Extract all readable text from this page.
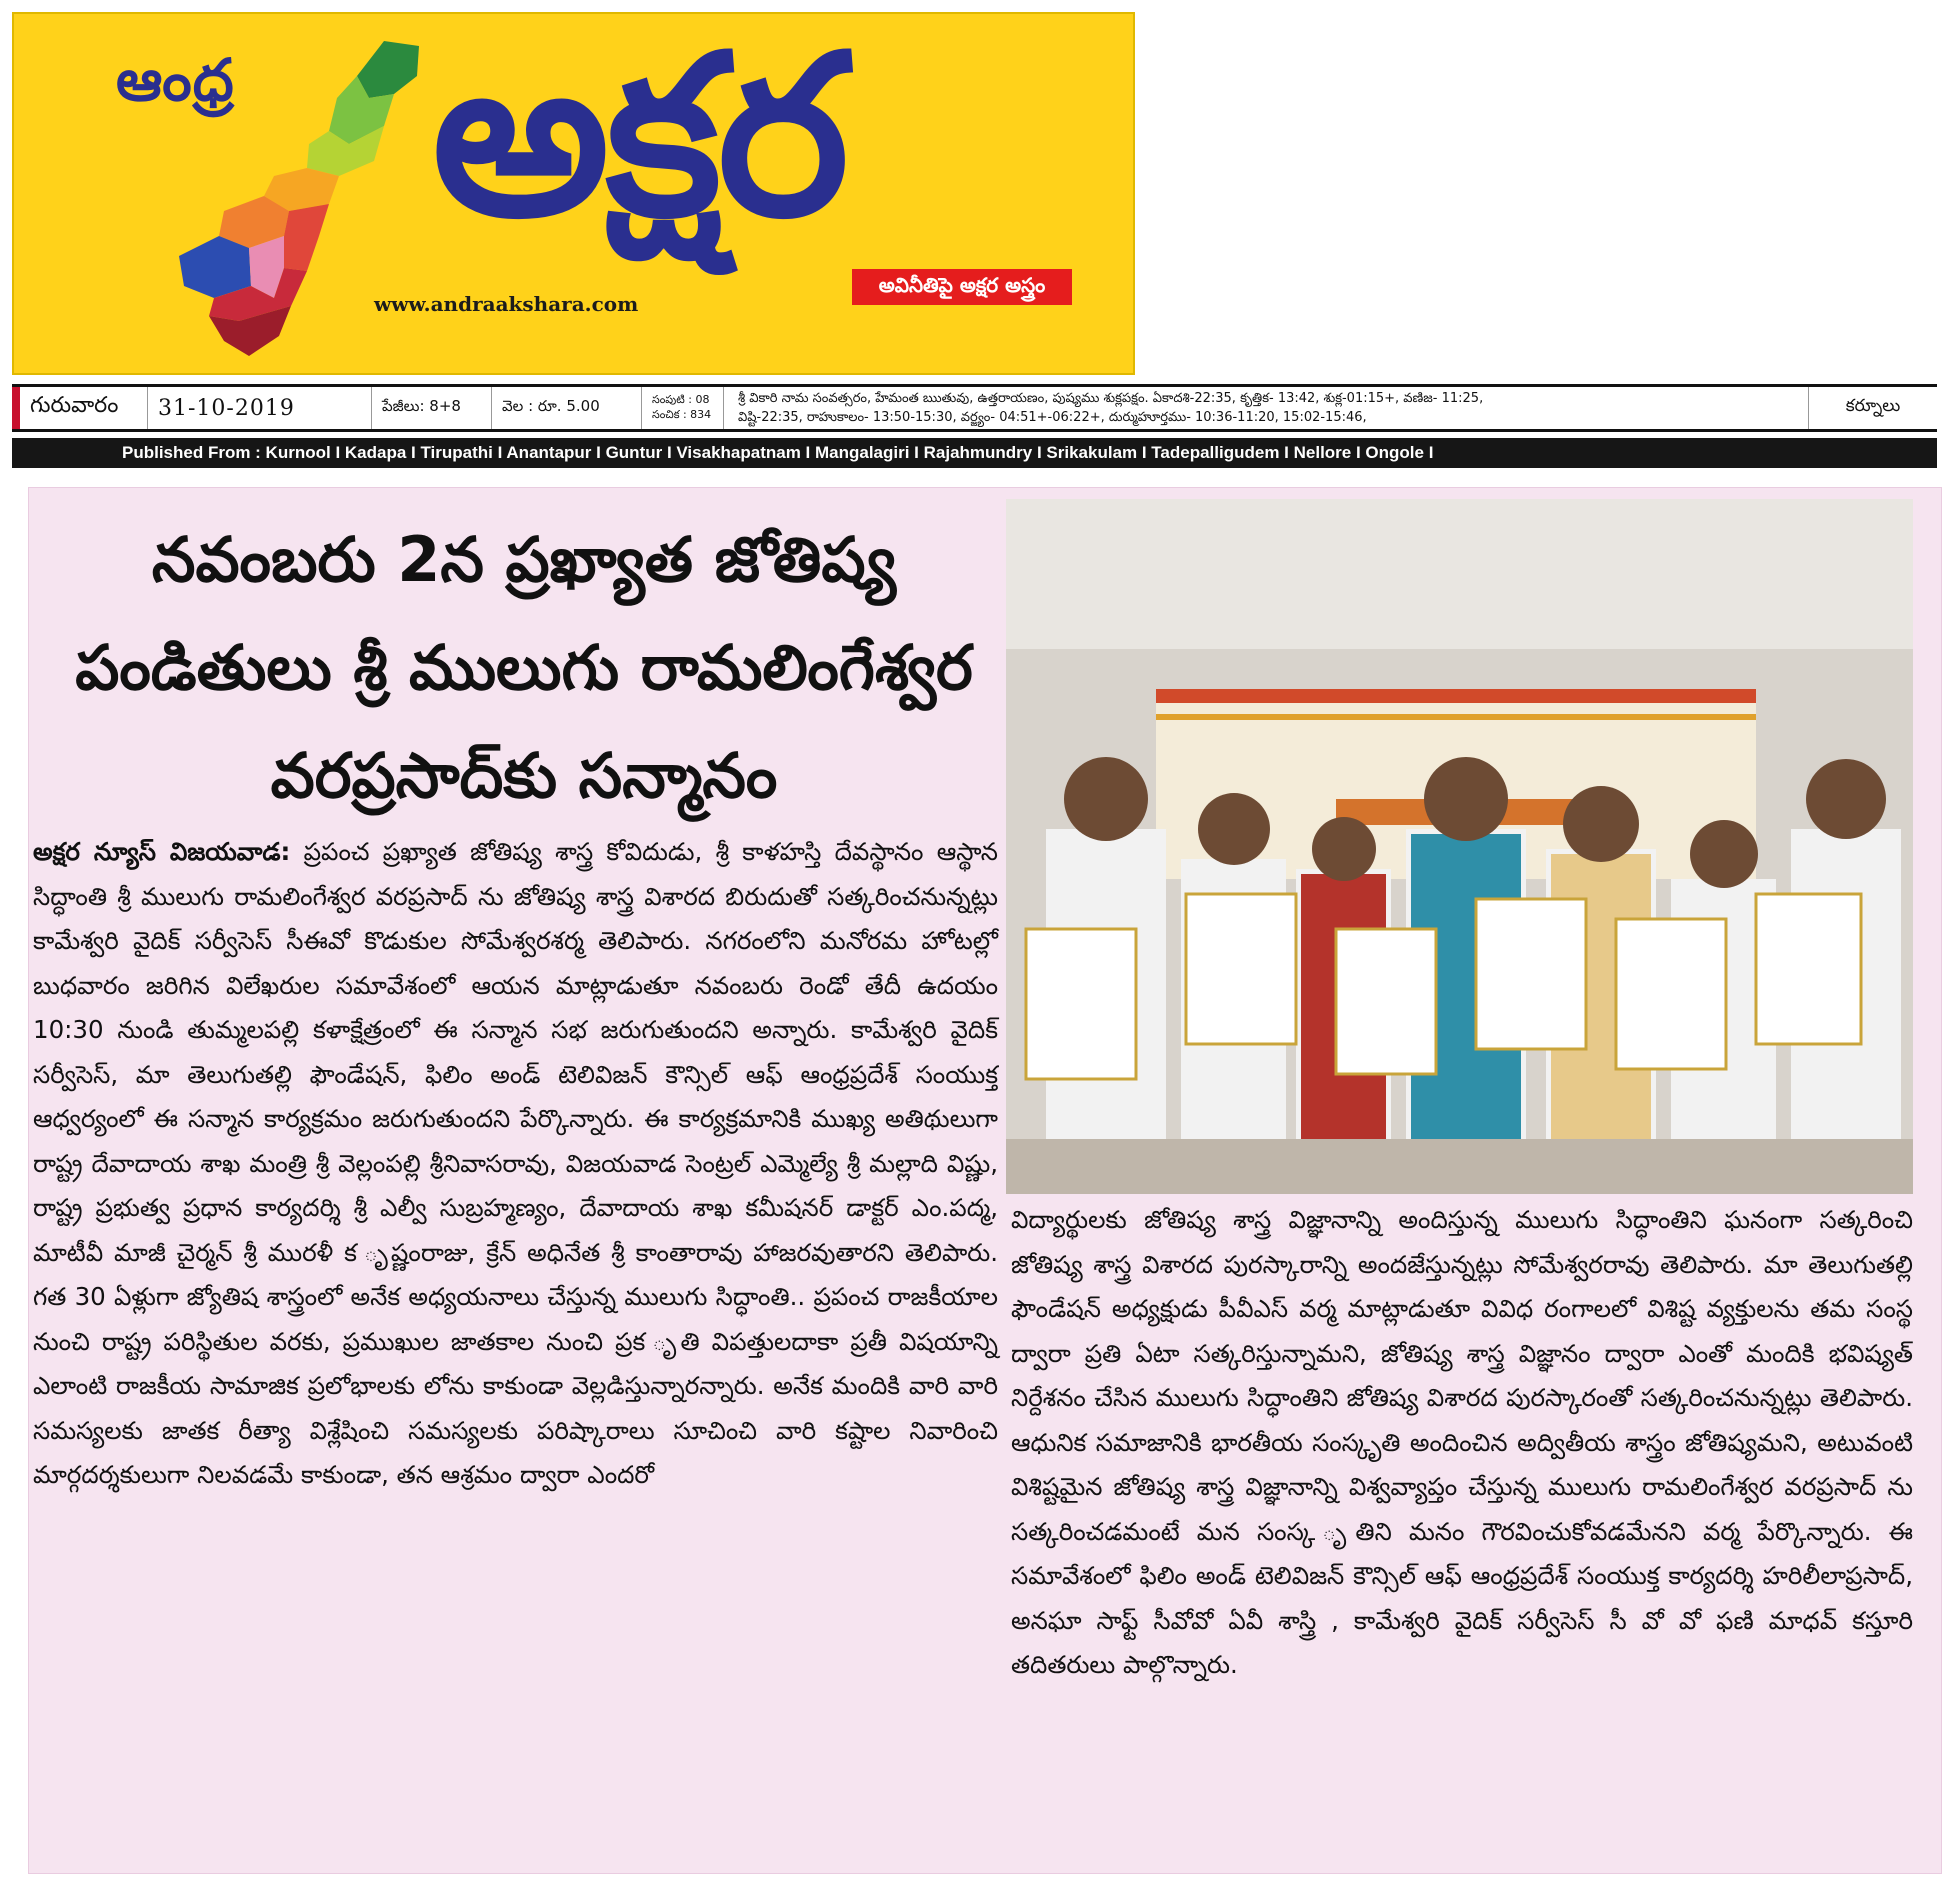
ఆంధ్ర అక్షర
అవినీతిపై అక్షర అస్త్రం
www.andraakshara.com
గురువారం	31-10-2019	పేజీలు: 8+8	వెల : రూ. 5.00	సంపుటి : 08
సంచిక : 834
శ్రీ వికారి నామ సంవత్సరం, హేమంత ఋతువు, ఉత్తరాయణం, పుష్యము శుక్లపక్షం. ఏకాదశి-22:35, కృత్తిక- 13:42, శుక్ల-01:15+, వణిజ- 11:25,
విష్టి-22:35, రాహుకాలం- 13:50-15:30, వర్జ్యం- 04:51+-06:22+, దుర్ముహూర్తము- 10:36-11:20, 15:02-15:46,
కర్నూలు
Published From : Kurnool I Kadapa I Tirupathi I Anantapur I Guntur I Visakhapatnam I Mangalagiri I Rajahmundry I Srikakulam I Tadepalligudem I Nellore I Ongole I
నవంబరు 2న ప్రఖ్యాత జోతిష్య
పండితులు శ్రీ ములుగు రామలింగేశ్వర
వరప్రసాద్‌కు సన్మానం
అక్షర న్యూస్ విజయవాడ: ప్రపంచ ప్రఖ్యాత జోతిష్య శాస్త్ర కోవిదుడు, శ్రీ కాళహస్తి దేవస్థానం ఆస్థాన సిద్ధాంతి శ్రీ ములుగు రామలింగేశ్వర వరప్రసాద్ ను జోతిష్య శాస్త్ర విశారద బిరుదుతో సత్కరించనున్నట్లు కామేశ్వరి వైదిక్ సర్వీసెస్ సీఈవో కొడుకుల సోమేశ్వరశర్మ తెలిపారు. నగరంలోని మనోరమ హోటల్లో బుధవారం జరిగిన విలేఖరుల సమావేశంలో ఆయన మాట్లాడుతూ నవంబరు రెండో తేదీ ఉదయం 10:30 నుండి తుమ్మలపల్లి కళాక్షేత్రంలో ఈ సన్మాన సభ జరుగుతుందని అన్నారు. కామేశ్వరి వైదిక్ సర్వీసెస్, మా తెలుగుతల్లి ఫౌండేషన్, ఫిలిం అండ్ టెలివిజన్ కౌన్సిల్ ఆఫ్ ఆంధ్రప్రదేశ్ సంయుక్త ఆధ్వర్యంలో ఈ సన్మాన కార్యక్రమం జరుగుతుందని పేర్కొన్నారు. ఈ కార్యక్రమానికి ముఖ్య అతిథులుగా రాష్ట్ర దేవాదాయ శాఖ మంత్రి శ్రీ వెల్లంపల్లి శ్రీనివాసరావు, విజయవాడ సెంట్రల్ ఎమ్మెల్యే శ్రీ మల్లాది విష్ణు, రాష్ట్ర ప్రభుత్వ ప్రధాన కార్యదర్శి శ్రీ ఎల్వీ సుబ్రహ్మణ్యం, దేవాదాయ శాఖ కమీషనర్ డాక్టర్ ఎం.పద్మ, మాటీవీ మాజీ చైర్మన్ శ్రీ మురళీ క ృష్ణంరాజు, క్రేన్ అధినేత శ్రీ కాంతారావు హాజరవుతారని తెలిపారు. గత 30 ఏళ్లుగా జ్యోతిష శాస్త్రంలో అనేక అధ్యయనాలు చేస్తున్న ములుగు సిద్ధాంతి.. ప్రపంచ రాజకీయాల నుంచి రాష్ట్ర పరిస్థితుల వరకు, ప్రముఖుల జాతకాల నుంచి ప్రక ృతి విపత్తులదాకా ప్రతీ విషయాన్ని ఎలాంటి రాజకీయ సామాజిక ప్రలోభాలకు లోను కాకుండా వెల్లడిస్తున్నారన్నారు. అనేక మందికి వారి వారి సమస్యలకు జాతక రీత్యా విశ్లేషించి సమస్యలకు పరిష్కారాలు సూచించి వారి కష్టాల నివారించి మార్గదర్శకులుగా నిలవడమే కాకుండా, తన ఆశ్రమం ద్వారా ఎందరో
విద్యార్థులకు జోతిష్య శాస్త్ర విజ్ఞానాన్ని అందిస్తున్న ములుగు సిద్ధాంతిని ఘనంగా సత్కరించి జోతిష్య శాస్త్ర విశారద పురస్కారాన్ని అందజేస్తున్నట్లు సోమేశ్వరరావు తెలిపారు. మా తెలుగుతల్లి ఫౌండేషన్ అధ్యక్షుడు పీవీఎస్ వర్మ మాట్లాడుతూ వివిధ రంగాలలో విశిష్ట వ్యక్తులను తమ సంస్థ ద్వారా ప్రతి ఏటా సత్కరిస్తున్నామని, జోతిష్య శాస్త్ర విజ్ఞానం ద్వారా ఎంతో మందికి భవిష్యత్ నిర్దేశనం చేసిన ములుగు సిద్ధాంతిని జోతిష్య విశారద పురస్కారంతో సత్కరించనున్నట్లు తెలిపారు. ఆధునిక సమాజానికి భారతీయ సంస్కృతి అందించిన అద్వితీయ శాస్త్రం జోతిష్యమని, అటువంటి విశిష్టమైన జోతిష్య శాస్త్ర విజ్ఞానాన్ని విశ్వవ్యాప్తం చేస్తున్న ములుగు రామలింగేశ్వర వరప్రసాద్ ను సత్కరించడమంటే మన సంస్క ృతిని మనం గౌరవించుకోవడమేనని వర్మ పేర్కొన్నారు. ఈ సమావేశంలో ఫిలిం అండ్ టెలివిజన్ కౌన్సిల్ ఆఫ్ ఆంధ్రప్రదేశ్ సంయుక్త కార్యదర్శి హరిలీలాప్రసాద్, అనఘా సాఫ్ట్ సీవోవో ఏవీ శాస్త్రి , కామేశ్వరి వైదిక్ సర్వీసెస్ సీ వో వో ఫణి మాధవ్ కస్తూరి తదితరులు పాల్గొన్నారు.
